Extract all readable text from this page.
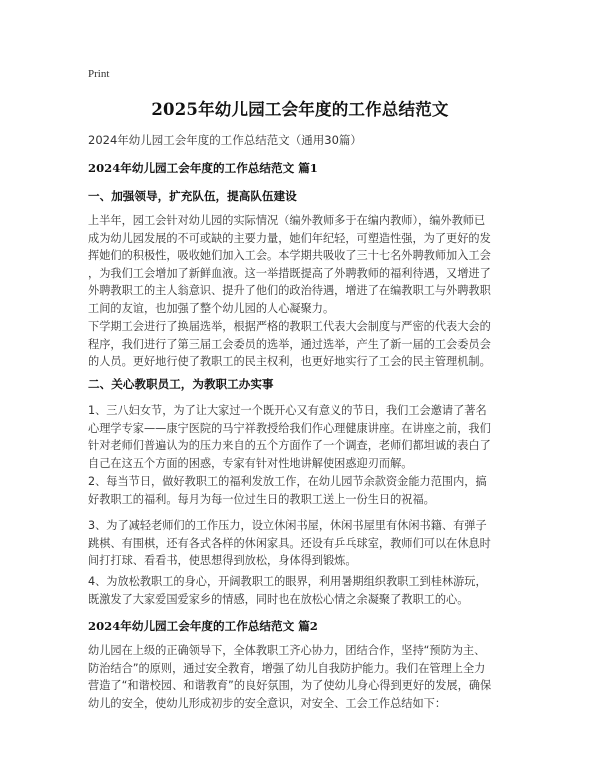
Print
2025年幼儿园工会年度的工作总结范文
2024年幼儿园工会年度的工作总结范文（通用30篇）
2024年幼儿园工会年度的工作总结范文 篇1
一、加强领导，扩充队伍，提高队伍建设
上半年，园工会针对幼儿园的实际情况（编外教师多于在编内教师），编外教师已
成为幼儿园发展的不可或缺的主要力量，她们年纪轻，可塑造性强，为了更好的发
挥她们的积极性，吸收她们加入工会。本学期共吸收了三十七名外聘教师加入工会
，为我们工会增加了新鲜血液。这一举措既提高了外聘教师的福利待遇，又增进了
外聘教职工的主人翁意识、提升了他们的政治待遇，增进了在编教职工与外聘教职
工间的友谊，也加强了整个幼儿园的人心凝聚力。
下学期工会进行了换届选举，根据严格的教职工代表大会制度与严密的代表大会的
程序，我们进行了第三届工会委员的选举，通过选举，产生了新一届的工会委员会
的人员。更好地行使了教职工的民主权利，也更好地实行了工会的民主管理机制。
二、关心教职员工，为教职工办实事
1、三八妇女节，为了让大家过一个既开心又有意义的节日，我们工会邀请了著名
心理学专家——康宁医院的马宁祥教授给我们作心理健康讲座。在讲座之前，我们
针对老师们普遍认为的压力来自的五个方面作了一个调查，老师们都坦诚的表白了
自己在这五个方面的困惑，专家有针对性地讲解使困惑迎刃而解。
2、每当节日，做好教职工的福利发放工作，在幼儿园节余款资金能力范围内，搞
好教职工的福利。每月为每一位过生日的教职工送上一份生日的祝福。
3、为了减轻老师们的工作压力，设立休闲书屋，休闲书屋里有休闲书籍、有弹子
跳棋、有围棋，还有各式各样的休闲家具。还设有乒乓球室，教师们可以在休息时
间打打球、看看书，使思想得到放松，身体得到锻炼。
4、为放松教职工的身心，开阔教职工的眼界，利用暑期组织教职工到桂林游玩，
既激发了大家爱国爱家乡的情感，同时也在放松心情之余凝聚了教职工的心。
2024年幼儿园工会年度的工作总结范文 篇2
幼儿园在上级的正确领导下，全体教职工齐心协力，团结合作，坚持“预防为主、
防治结合”的原则，通过安全教育，增强了幼儿自我防护能力。我们在管理上全力
营造了“和谐校园、和谐教育”的良好氛围，为了使幼儿身心得到更好的发展，确保
幼儿的安全，使幼儿形成初步的安全意识，对安全、工会工作总结如下：
